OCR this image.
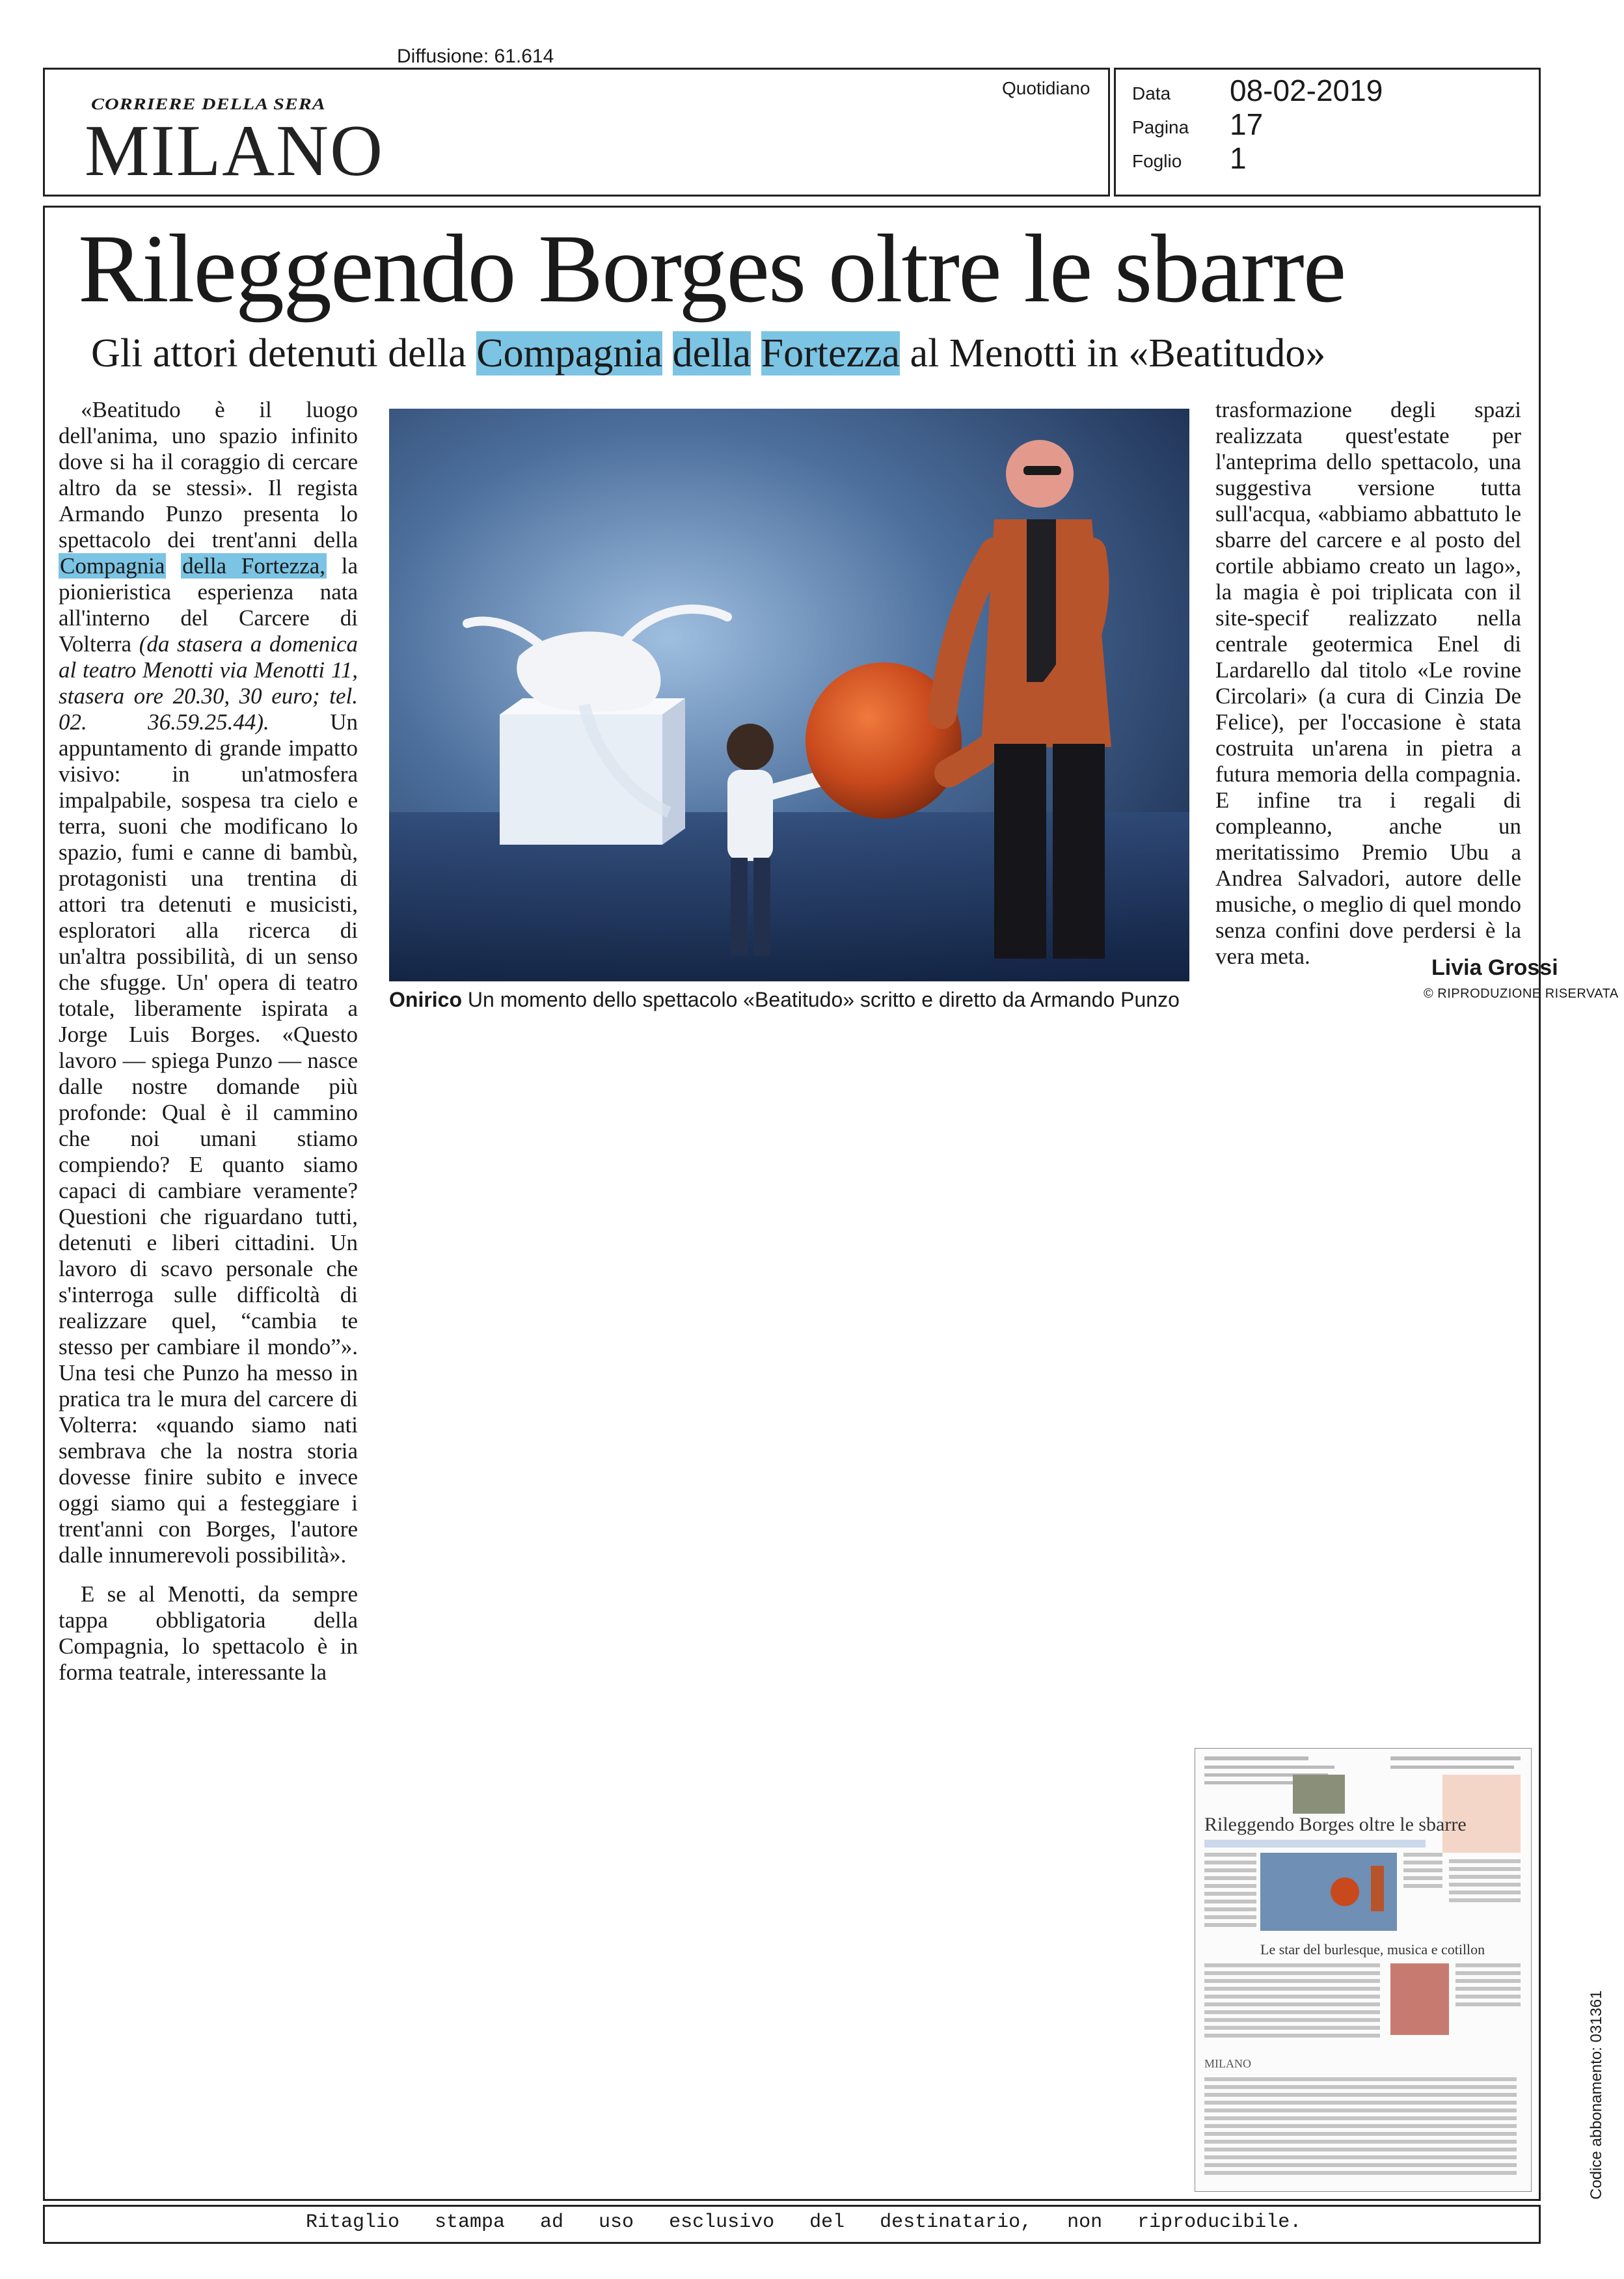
Diffusione: 61.614
CORRIERE DELLA SERA
MILANO
Quotidiano Data 08-02-2019
Pagina 17
Foglio 1
Rileggendo Borges oltre le sbarre
Gli attori detenuti della Compagnia della Fortezza al Menotti in «Beatitudo»

«Beatitudo è il luogo dell'anima, uno spazio infinito dove si ha il coraggio di cercare altro da se stessi». Il regista Armando Punzo presenta lo spettacolo dei trent'anni della Compagnia della Fortezza, la pionieristica esperienza nata all'interno del Carcere di Volterra (da stasera a domenica al teatro Menotti via Menotti 11, stasera ore 20.30, 30 euro; tel. 02. 36.59.25.44).	Un appuntamento di grande impatto visivo: in un'atmosfera impalpabile, sospesa tra cielo e terra, suoni che modificano lo spazio, fumi e canne di bambù, protagonisti una trentina di attori tra detenuti e musicisti, esploratori alla ricerca di un'altra possibilità, di un senso che sfugge. Un' opera di teatro totale, liberamente ispirata a Jorge Luis Borges. «Questo lavoro — spiega Punzo — nasce dalle nostre domande più profonde: Qual è il cammino che noi umani stiamo compiendo? E quanto siamo capaci di cambiare veramente? Questioni che riguardano tutti, detenuti e liberi cittadini. Un lavoro di scavo personale che s'interroga sulle difficoltà di realizzare quel, “cambia te stesso per cambiare il mondo”». Una tesi che Punzo ha messo in pratica tra le mura del carcere di Volterra: «quando siamo nati sembrava che la nostra storia dovesse finire subito e invece oggi siamo qui a festeggiare i trent'anni con Borges, l'autore dalle innumerevoli possibilità».

E se al Menotti, da sempre tappa obbligatoria della Compagnia, lo spettacolo è in forma teatrale, interessante la

Onirico Un momento dello spettacolo «Beatitudo» scritto e diretto da Armando Punzo

trasformazione degli spazi realizzata quest'estate per l'anteprima dello spettacolo, una suggestiva versione tutta sull'acqua, «abbiamo abbattuto le sbarre del carcere e al posto del cortile abbiamo creato un lago», la magia è poi triplicata con il site-specif realizzato nella centrale geotermica Enel di Lardarello dal titolo «Le rovine Circolari» (a cura di Cinzia De Felice), per l'occasione è stata costruita un'arena in pietra a futura memoria della compagnia. E infine tra i regali di compleanno, anche un meritatissimo Premio Ubu a Andrea Salvadori, autore delle musiche, o meglio di quel mondo senza confini dove perdersi è la vera meta.	Livia Grossi
© RIPRODUZIONE RISERVATA
Rileggendo Borges oltre le sbarre
Le star del burlesque, musica e cotillon
MILANO	Codice abbonamento: 031361
Ritaglio stampa ad uso esclusivo del destinatario, non riproducibile.
